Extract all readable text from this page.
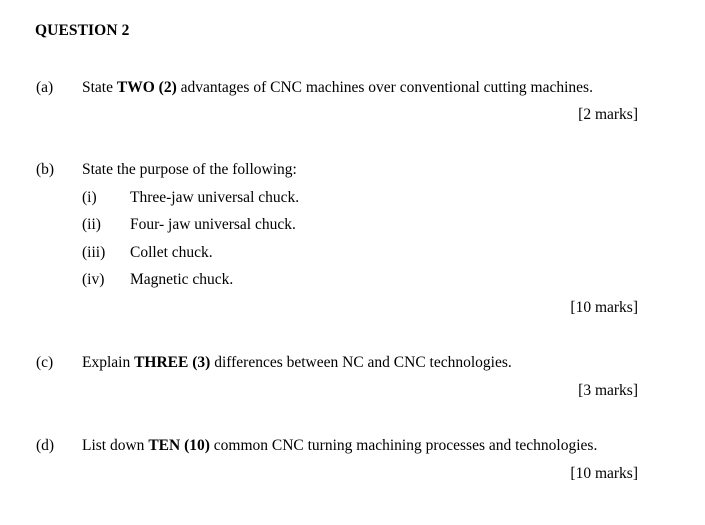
QUESTION 2
(a) State TWO (2) advantages of CNC machines over conventional cutting machines.
[2 marks]
(b) State the purpose of the following:
(i) Three-jaw universal chuck.
(ii) Four- jaw universal chuck.
(iii) Collet chuck.
(iv) Magnetic chuck.
[10 marks]
(c) Explain THREE (3) differences between NC and CNC technologies.
[3 marks]
(d) List down TEN (10) common CNC turning machining processes and technologies.
[10 marks]
